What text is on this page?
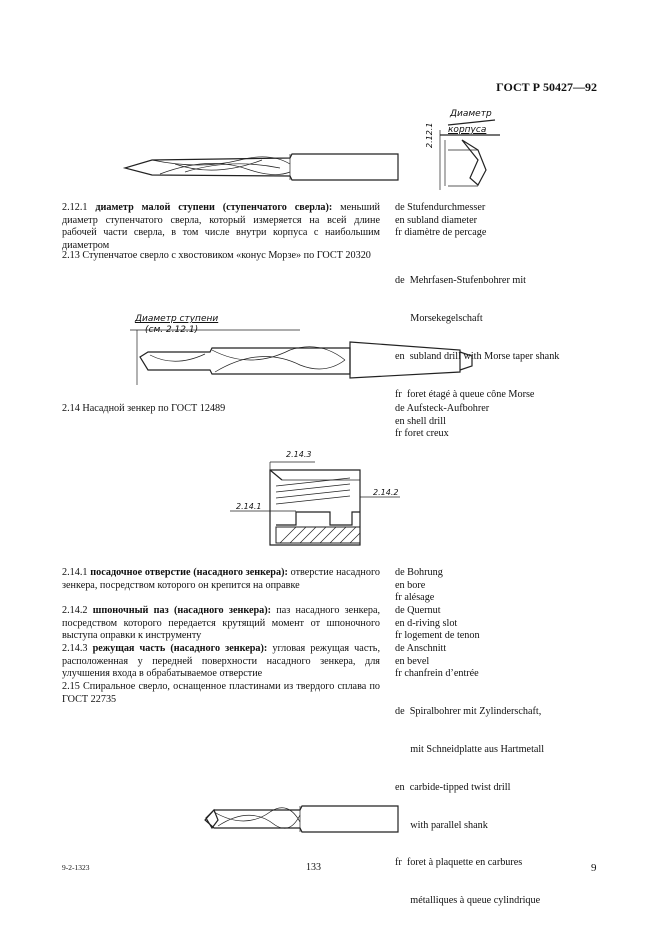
ГОСТ Р 50427—92
Диаметр
корпуса
2.12.1
2.12.1 диаметр малой ступени (ступенчатого сверла): меньший диаметр ступенчатого сверла, который измеряется на всей длине рабочей части сверла, в том числе внутри корпуса с наибольшим диаметром
de Stufendurchmesser
en subland diameter
fr diamètre de percage
2.13 Ступенчатое сверло с хвостовиком «конус Морзе» по ГОСТ 20320

de  Mehrfasen-Stufenbohrer mit

Morsekegelschaft

en  subland drill with Morse taper shank

fr  foret étagé à queue cône Morse

Диаметр ступени
(см. 2.12.1)
2.14 Насадной зенкер по ГОСТ 12489	de Aufsteck-Aufbohrer
en shell drill
fr foret creux
2.14.3
2.14.1
2.14.2
2.14.1 посадочное отверстие (насадного зенкера): отверстие насадного зенкера, посредством которого он крепится на оправке
de Bohrung
en bore
fr alésage
2.14.2 шпоночный паз (насадного зенкера): паз насадного зенкера, посредством которого передается крутящий момент от шпоночного выступа оправки к инструменту
de Quernut
en d-riving slot
fr logement de tenon
2.14.3 режущая часть (насадного зенкера): угловая режущая часть, расположенная у передней поверхности насадного зенкера, для улучшения входа в обрабатываемое отверстие
de Anschnitt
en bevel
fr chanfrein d’entrée
2.15 Спиральное сверло, оснащенное пластинами из твердого сплава по ГОСТ 22735

de  Spiralbohrer mit Zylinderschaft,

mit Schneidplatte aus Hartmetall

en  carbide-tipped twist drill

with parallel shank

fr  foret à plaquette en carbures

métalliques à queue cylindrique

9-2-1323	133	9
